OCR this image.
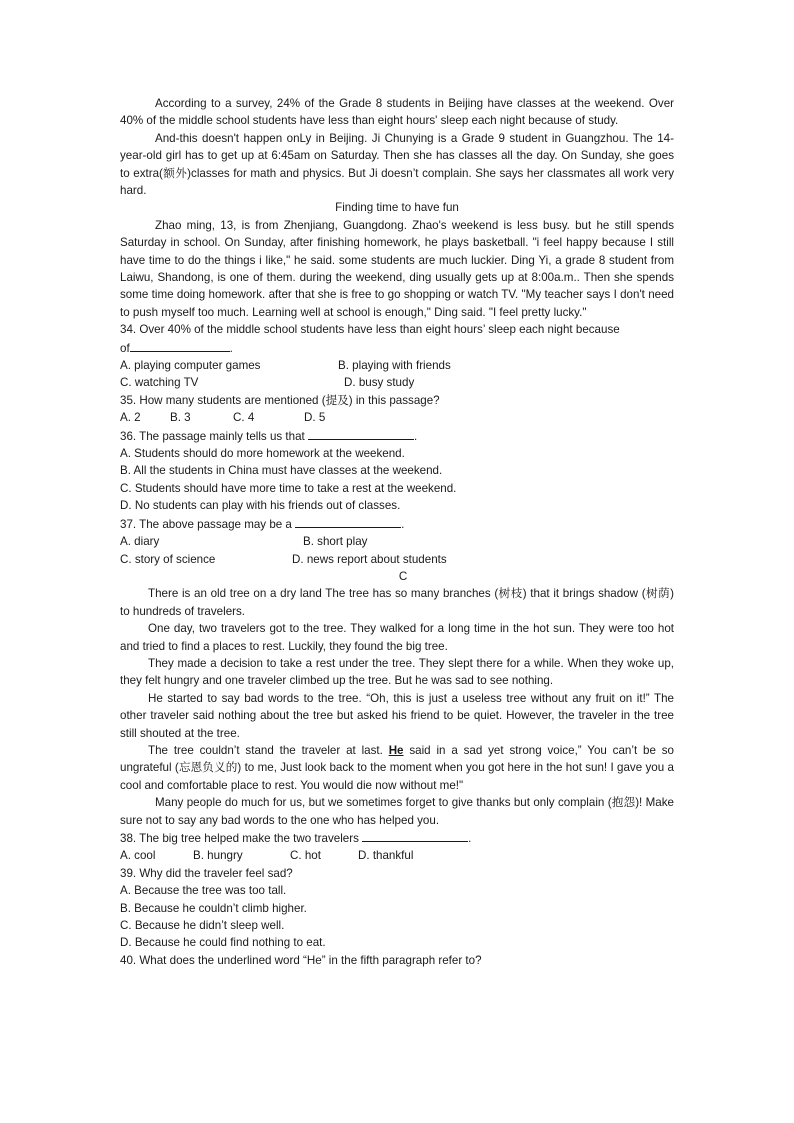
According to a survey, 24% of the Grade 8 students in Beijing have classes at the weekend. Over 40% of the middle school students have less than eight hours' sleep each night because of study.

And-this doesn't happen onLy in Beijing. Ji Chunying is a Grade 9 student in Guangzhou. The 14-year-old girl has to get up at 6:45am on Saturday. Then she has classes all the day. On Sunday, she goes to extra(额外)classes for math and physics. But Ji doesn’t complain. She says her classmates all work very hard.

Finding time to have fun

Zhao ming, 13, is from Zhenjiang, Guangdong. Zhao's weekend is less busy. but he still spends Saturday in school. On Sunday, after finishing homework, he plays basketball. "i feel happy because I still have time to do the things i like," he said. some students are much luckier. Ding Yi, a grade 8 student from Laiwu, Shandong, is one of them. during the weekend, ding usually gets up at 8:00a.m.. Then she spends some time doing homework. after that she is free to go shopping or watch TV. "My teacher says I don't need to push myself too much. Learning well at school is enough," Ding said. "I feel pretty lucky."

34. Over 40% of the middle school students have less than eight hours’ sleep each night because

of	.

A. playing computer games	B. playing with friends
C. watching TV	D. busy study

35. How many students are mentioned (提及) in this passage?

A. 2	B. 3	C. 4	D. 5

36. The passage mainly tells us that	.

A. Students should do more homework at the weekend.

B. All the students in China must have classes at the weekend.

C. Students should have more time to take a rest at the weekend.

D. No students can play with his friends out of classes.

37. The above passage may be a	.

A. diary	B. short play
C. story of science	D. news report about students

C

There is an old tree on a dry land The tree has so many branches (树枝) that it brings shadow (树荫) to hundreds of travelers.

One day, two travelers got to the tree. They walked for a long time in the hot sun. They were too hot and tried to find a places to rest. Luckily, they found the big tree.

They made a decision to take a rest under the tree. They slept there for a while. When they woke up, they felt hungry and one traveler climbed up the tree. But he was sad to see nothing.

He started to say bad words to the tree. “Oh, this is just a useless tree without any fruit on it!” The other traveler said nothing about the tree but asked his friend to be quiet. However, the traveler in the tree still shouted at the tree.

The tree couldn’t stand the traveler at last. He said in a sad yet strong voice,” You can’t be so ungrateful (忘恩负义的) to me, Just look back to the moment when you got here in the hot sun! I gave you a cool and comfortable place to rest. You would die now without me!"

Many people do much for us, but we sometimes forget to give thanks but only complain (抱怨)! Make sure not to say any bad words to the one who has helped you.

38. The big tree helped make the two travelers	.

A. cool	B. hungry	C. hot	D. thankful

39. Why did the traveler feel sad?

A. Because the tree was too tall.

B. Because he couldn’t climb higher.

C. Because he didn’t sleep well.

D. Because he could find nothing to eat.

40. What does the underlined word “He” in the fifth paragraph refer to?
